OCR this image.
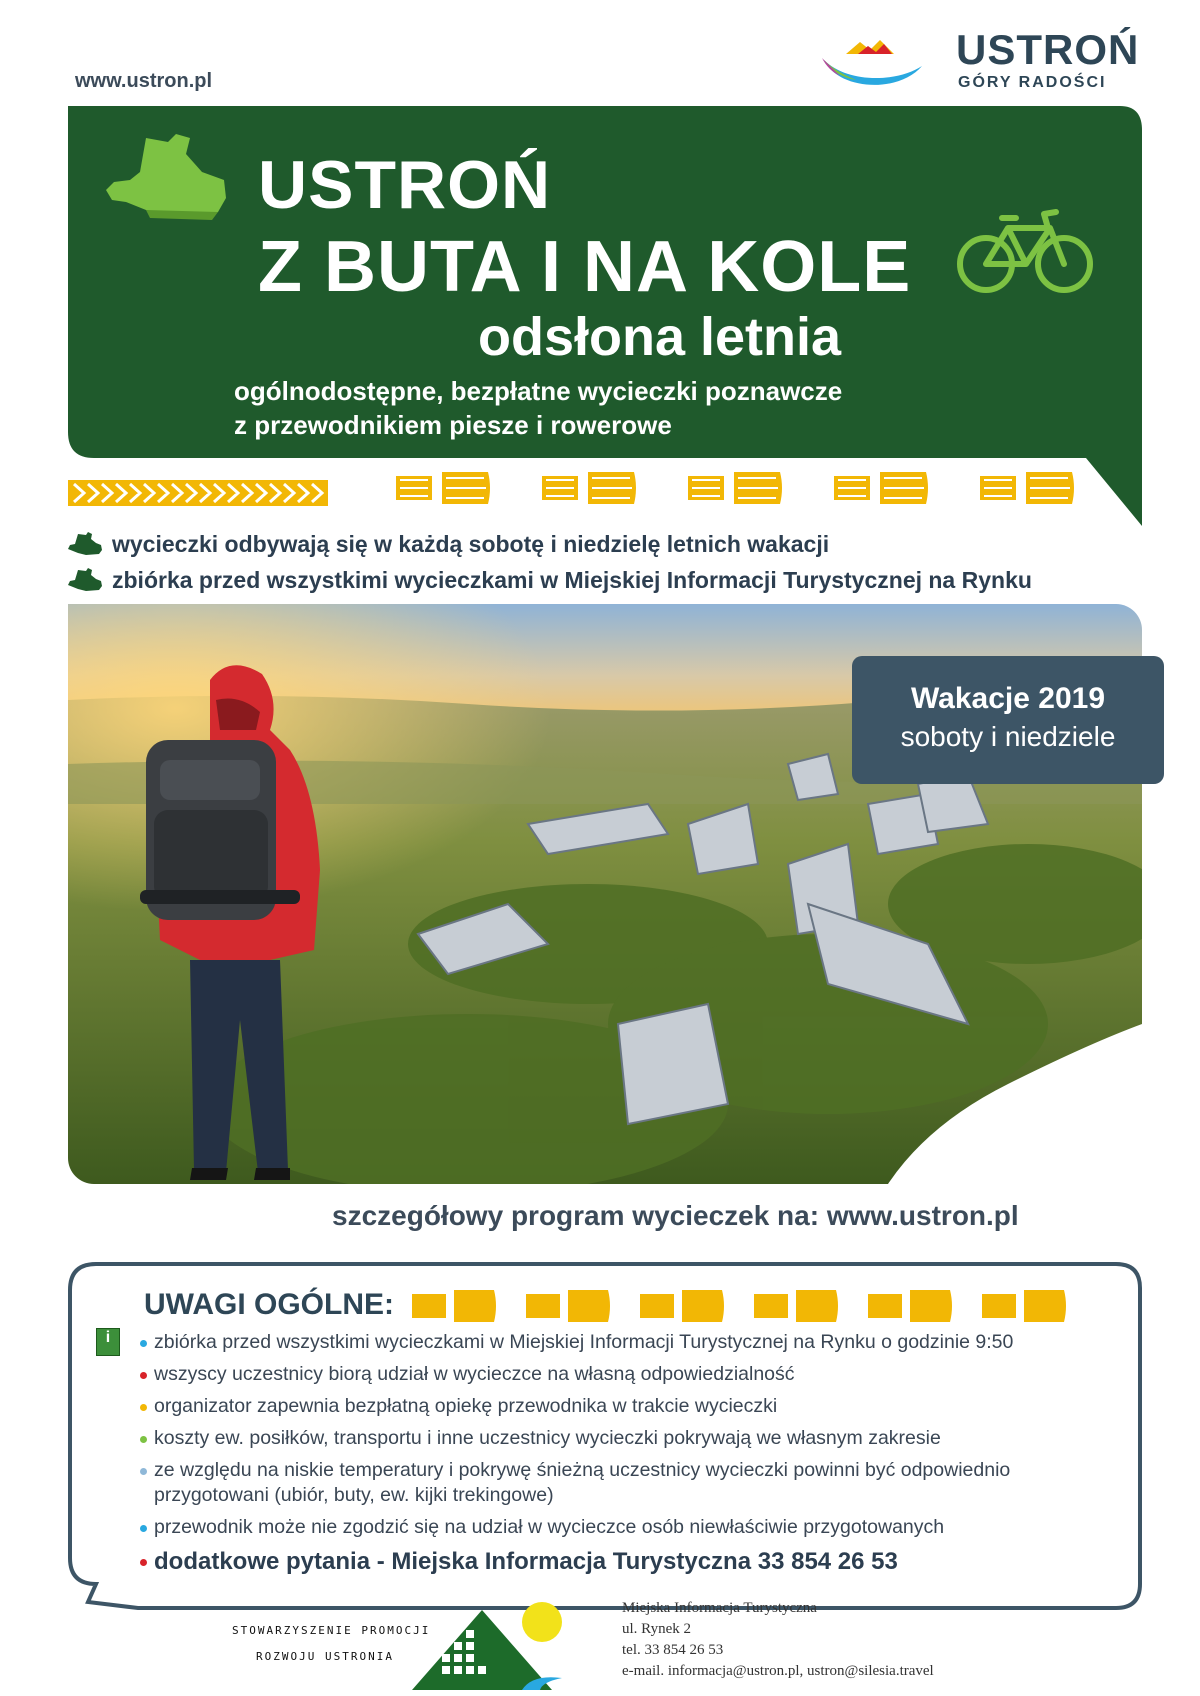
www.ustron.pl
USTROŃ
GÓRY RADOŚCI
USTROŃ
Z BUTA I NA KOLE
odsłona letnia
ogólnodostępne, bezpłatne wycieczki poznawcze
z przewodnikiem piesze i rowerowe
wycieczki odbywają się w każdą sobotę i niedzielę letnich wakacji
zbiórka przed wszystkimi wycieczkami w Miejskiej Informacji Turystycznej na Rynku
Wakacje 2019
soboty i niedziele
szczegółowy program wycieczek na: www.ustron.pl
UWAGI OGÓLNE:
i	zbiórka przed wszystkimi wycieczkami w Miejskiej Informacji Turystycznej na Rynku o godzinie 9:50
wszyscy uczestnicy biorą udział w wycieczce na własną odpowiedzialność
organizator zapewnia bezpłatną opiekę przewodnika w trakcie wycieczki
koszty ew. posiłków, transportu i inne uczestnicy wycieczki pokrywają we własnym zakresie
ze względu na niskie temperatury i pokrywę śnieżną uczestnicy wycieczki powinni być odpowiednio przygotowani (ubiór, buty, ew. kijki trekingowe)
przewodnik może nie zgodzić się na udział w wycieczce osób niewłaściwie przygotowanych
dodatkowe pytania - Miejska Informacja Turystyczna 33 854 26 53
STOWARZYSZENIE PROMOCJI
ROZWOJU USTRONIA
Miejska Informacja Turystyczna
ul. Rynek 2
tel. 33 854 26 53
e-mail. informacja@ustron.pl, ustron@silesia.travel
